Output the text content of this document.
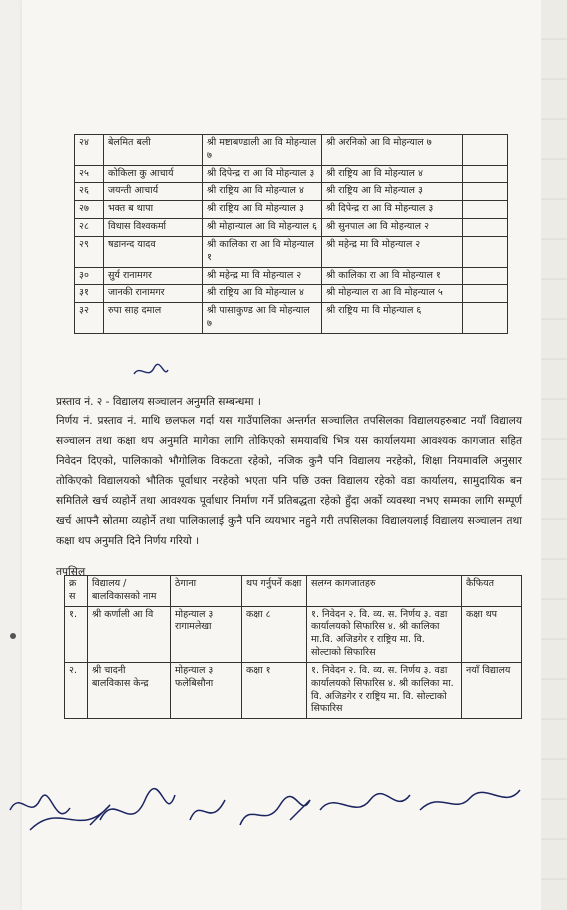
२४	बेलमित बली	श्री मष्टाबण्डाली आ वि मोहन्याल ७	श्री अरनिको आ वि मोहन्याल ७	
२५	कोकिला कु आचार्य	श्री दिपेन्द्र रा आ वि मोहन्याल ३	श्री राष्ट्रिय आ वि मोहन्याल ४	
२६	जयन्ती आचार्य	श्री राष्ट्रिय आ वि मोहन्याल ४	श्री राष्ट्रिय आ वि मोहन्याल ३	
२७	भक्त ब थापा	श्री राष्ट्रिय आ वि मोहन्याल ३	श्री दिपेन्द्र रा आ वि मोहन्याल ३	
२८	विधास विश्वकर्मा	श्री मोहान्याल आ वि मोहन्याल ६	श्री सुनपाल आ वि मोहन्याल २	
२९	षडानन्द यादव	श्री कालिका रा आ वि मोहन्याल १	श्री महेन्द्र मा वि मोहन्याल २	
३०	सुर्य रानामगर	श्री महेन्द्र मा वि मोहन्याल २	श्री कालिका रा आ वि मोहन्याल १	
३१	जानकी रानामगर	श्री राष्ट्रिय आ वि मोहन्याल ४	श्री मोहन्याल रा आ वि मोहन्याल ५	
३२	रुपा साह दमाल	श्री पासाकुण्ड आ वि मोहन्याल ७	श्री राष्ट्रिय मा वि मोहन्याल ६	
प्रस्ताव नं. २ - विद्यालय सञ्चालन अनुमति सम्बन्धमा ।
निर्णय नं. प्रस्ताव नं. माथि छलफल गर्दा यस गाउँपालिका अन्तर्गत सञ्चालित तपसिलका विद्यालयहरुबाट नयाँ विद्यालय सञ्चालन तथा कक्षा थप अनुमति मागेका लागि तोकिएको समयावधि भित्र यस कार्यालयमा आवश्यक कागजात सहित निवेदन दिएको, पालिकाको भौगोलिक विकटता रहेको, नजिक कुनै पनि विद्यालय नरहेको, शिक्षा नियमावलि अनुसार तोकिएको विद्यालयको भौतिक पूर्वाधार नरहेको भएता पनि पछि उक्त विद्यालय रहेको वडा कार्यालय, सामुदायिक बन समितिले खर्च व्यहोर्ने तथा आवश्यक पूर्वाधार निर्माण गर्ने प्रतिबद्धता रहेको हुँदा अर्को व्यवस्था नभए सम्मका लागि सम्पूर्ण खर्च आफ्नै स्रोतमा व्यहोर्ने तथा पालिकालाई कुनै पनि व्ययभार नहुने गरी तपसिलका विद्यालयलाई विद्यालय सञ्चालन तथा कक्षा थप अनुमति दिने निर्णय गरियो ।
तपसिल
क्र स	विद्यालय / बालविकासको नाम	ठेगाना	थप गर्नुपर्ने कक्षा	सलग्न कागजातहरु	कैफियत
१.	श्री कर्णाली आ वि	मोहन्याल ३ रागामलेखा	कक्षा ८	१. निवेदन २. वि. व्य. स. निर्णय ३. वडा कार्यालयको सिफारिस ४. श्री कालिका मा.वि. अजिडगेर र राष्ट्रिय मा. वि. सोल्टाको सिफारिस	कक्षा थप
२.	श्री चादनी बालविकास केन्द्र	मोहन्याल ३ फलेबिसौना	कक्षा १	१. निवेदन २. वि. व्य. स. निर्णय ३. वडा कार्यालयको सिफारिस ४. श्री कालिका मा. वि. अजिडगेर र राष्ट्रिय मा. वि. सोल्टाको सिफारिस	नयाँ विद्यालय
